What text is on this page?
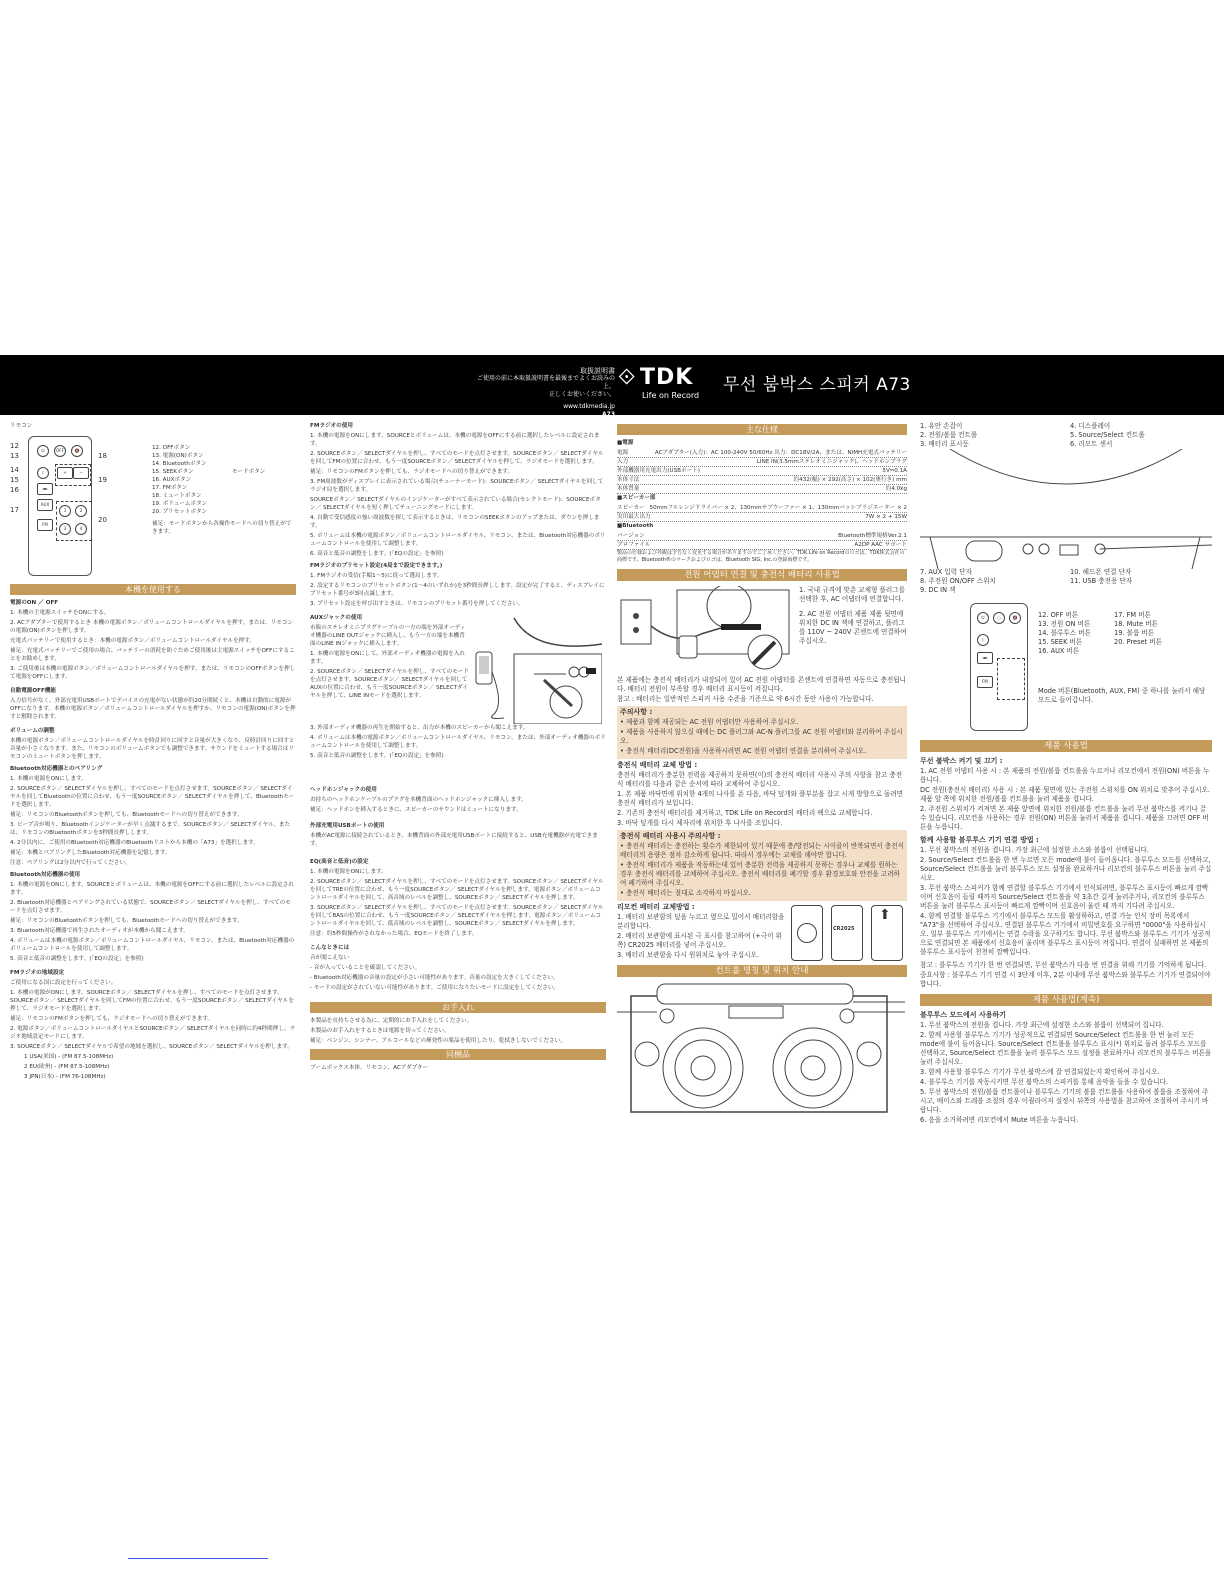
取扱説明書
ご使用の前に本取扱説明書を最後までよくお読みの上、
正しくお使いください。
www.tdkmedia.jp
A73
⟐ TDK
Life on Record
무선 붐박스 스피커 A73
リモコン
⏻	OFF	🔇
ᛒ
◄►
AUX
FM
+	−
1	2
3	4
12
13
14
15
16
17
18
19
20
12. OFFボタン
13. 電源(ON)ボタン
14. Bluetoothボタン
15. SEEKボタン
16. AUXボタン
17. FMボタン
18. ミュートボタン
19. ボリュームボタン
20. プリセットボタン
モードボタン
補足：モードボタンから各操作モードへの切り替えができます。
本機を使用する

電源のON ／ OFF

1. 本機の主電源スイッチをONにする。

2. ACアダプターで使用するとき 本機の電源ボタン／ボリュームコントロールダイヤルを押す。または、リモコンの電源(ON)ボタンを押します。

充電式バッテリーで使用するとき：本機の電源ボタン／ボリュームコントロールダイヤルを押す。

補足：充電式バッテリーでご使用の場合、バッテリーの消耗を防ぐためご使用後は主電源スイッチをOFFにすることをお勧めします。

3. ご使用後は本機の電源ボタン／ボリュームコントロールダイヤルを押す。または、リモコンのOFFボタンを押して電源をOFFにします。

自動電源OFF機能

入力信号がなく、外部充電用USBポートでデバイスの充電がない状態が約20分間続くと、本機は自動的に電源がOFFになります。本機の電源ボタン／ボリュームコントロールダイヤルを押すか、リモコンの電源(ON)ボタンを押すと解除されます。

ボリュームの調整

本機の電源ボタン／ボリュームコントロールダイヤルを時計回りに回すと音量が大きくなり、反時計回りに回すと音量が小さくなります。また、リモコンのボリュームボタンでも調整できます。サウンドをミュートする場合はリモコンのミュートボタンを押します。

Bluetooth対応機器とのペアリング

1. 本機の電源をONにします。

2. SOURCEボタン／ SELECTダイヤルを押し、すべてのモードを点灯させます。SOURCEボタン／ SELECTダイヤルを回してBluetoothの位置に合わせ、もう一度SOURCEボタン／ SELECTダイヤルを押して、Bluetoothモードを選択します。

補足：リモコンのBluetoothボタンを押しても、Bluetoothモードへの切り替えができます。

3. ビープ音が鳴り、Bluetoothインジケーターが早く点滅するまで、SOURCEボタン／ SELECTダイヤル、または、リモコンのBluetoothボタンを3秒間長押しします。

4. 2分以内に、ご使用のBluetooth対応機器のBluetoothリストから本機の「A73」を選択します。

補足：本機とペアリングしたBluetooth対応機器を記憶します。

注意：ペアリングは2分以内で行ってください。

Bluetooth対応機器の使用

1. 本機の電源をONにします。SOURCEとボリュームは、本機の電源をOFFにする前に選択したレベルに設定されます。

2. Bluetooth対応機器とペアリングされている状態で、SOURCEボタン／ SELECTダイヤルを押し、すべてのモードを点灯させます。

補足：リモコンのBluetoothボタンを押しても、Bluetoothモードへの切り替えができます。

3. Bluetooth対応機器で再生されたオーディオが本機から聞こえます。

4. ボリュームは本機の電源ボタン／ボリュームコントロールダイヤル、リモコン、または、Bluetooth対応機器のボリュームコントロールを使用して調整します。

5. 高音と低音の調整をします。(「EQの設定」を参照)

FMラジオの地域設定

ご使用になる国に設定を行ってください。

1. 本機の電源がONにします。SOURCEボタン／ SELECTダイヤルを押し、すべてのモードを点灯させます。SOURCEボタン／ SELECTダイヤルを回してFMの位置に合わせ、もう一度SOURCEボタン／ SELECTダイヤルを押して、ラジオモードを選択します。

補足：リモコンのFMボタンを押しても、ラジオモードへの切り替えができます。

2. 電源ボタン／ボリュームコントロールダイヤルとSOURCEボタン／ SELECTダイヤルを同時に約4秒間押し、ラジオ地域設定モードにします。

3. SOURCEボタン／ SELECTダイヤルで希望の地域を選択し、SOURCEボタン／ SELECTダイヤルを押します。

1 USA(米国) - (FM 87.5-108MHz)

2 EU(欧州) - (FM 87.5-108MHz)

3 JPN(日本) - (FM 76-108MHz)

FMラジオの使用

1. 本機の電源をONにします。SOURCEとボリュームは、本機の電源をOFFにする前に選択したレベルに設定されます。

2. SOURCEボタン／ SELECTダイヤルを押し、すべてのモードを点灯させます。SOURCEボタン／ SELECTダイヤルを回してFMの位置に合わせ、もう一度SOURCEボタン／ SELECTダイヤルを押して、ラジオモードを選択します。

補足：リモコンのFMボタンを押しても、ラジオモードへの切り替えができます。

3. FM周波数がディスプレイに表示されている場合(チューナーモード)：SOURCEボタン／ SELECTダイヤルを回してラジオ局を選択します。

SOURCEボタン／ SELECTダイヤルのインジケーターがすべて表示されている場合(セレクトモード)：SOURCEボタン／ SELECTダイヤルを短く押してチューニングモードにします。

4. 自動で受信感度の強い周波数を探して表示するときは、リモコンのSEEKボタンのアップまたは、ダウンを押します。

5. ボリュームは本機の電源ボタン／ボリュームコントロールダイヤル、リモコン、または、Bluetooth対応機器のボリュームコントロールを使用して調整します。

6. 高音と低音の調整をします。(「EQの設定」を参照)

FMラジオのプリセット設定(4局まで設定できます。)

1. FMラジオの受信(手順1～5)に従って選局します。

2. 設定するリモコンのプリセットボタン(1～4のいずれか)を3秒間長押しします。設定が完了すると、ディスプレイにプリセット番号が3回点滅します。

3. プリセット設定を呼び出すときは、リモコンのプリセット番号を押してください。

AUXジャックの使用

市販のステレオミニプラグケーブルの一方の端を外部オーディオ機器のLINE OUTジャックに挿入し、もう一方の端を本機背面のLINE INジャックに挿入します。

1. 本機の電源をONにして、外部オーディオ機器の電源を入れます。

2. SOURCEボタン／ SELECTダイヤルを押し、すべてのモードを点灯させます。SOURCEボタン／ SELECTダイヤルを回してAUXの位置に合わせ、もう一度SOURCEボタン／ SELECTダイヤルを押して、LINE INモードを選択します。

3. 外部オーディオ機器の再生を開始すると、出力が本機のスピーカーから聞こえます。

4. ボリュームは本機の電源ボタン／ボリュームコントロールダイヤル、リモコン、または、外部オーディオ機器のボリュームコントロールを使用して調整します。

5. 高音と低音の調整をします。(「EQの設定」を参照)

ヘッドホンジャックの使用

お持ちのヘッドホンケーブルのプラグを本機背面のヘッドホンジャックに挿入します。

補足：ヘッドホンを挿入するときに、スピーカーのサウンドはミュートになります。

外部充電用USBポートの使用

本機がAC電源に接続されているとき、本機背面の外部充電用USBポートに接続すると、USB充電機器が充電できます。

EQ(高音と低音)の設定

1. 本機の電源をONにします。

2. SOURCEボタン／ SELECTダイヤルを押し、すべてのモードを点灯させます。SOURCEボタン／ SELECTダイヤルを回してTREの位置に合わせ、もう一度SOURCEボタン／ SELECTダイヤルを押します。電源ボタン／ボリュームコントロールダイヤルを回して、高音域のレベルを調整し、SOURCEボタン／ SELECTダイヤルを押します。

3. SOURCEボタン／ SELECTダイヤルを押し、すべてのモードを点灯させます。SOURCEボタン／ SELECTダイヤルを回してBASの位置に合わせ、もう一度SOURCEボタン／ SELECTダイヤルを押します。電源ボタン／ボリュームコントロールダイヤルを回して、低音域のレベルを調整し、SOURCEボタン／ SELECTダイヤルを押します。

注意：約5秒間操作がされなかった場合、EQモードを終了します。

こんなときには

音が聞こえない

- 音が入っていることを確認してください。

- Bluetooth対応機器の音量の設定が小さい可能性があります。音量の設定を大きくしてください。

- モードの設定がされていない可能性があります。ご使用になりたいモードに設定をしてください。

お手入れ

本製品を長持ちさせる為に、定期的にお手入れをしてください。

本製品のお手入れをするときは電源を切ってください。

補足：ベンジン、シンナー、アルコールなどの揮発性の薬品を使用したり、乾拭きしないでください。

同梱品

ブームボックス本体、リモコン、ACアダプター

主な仕様

■電源

電源	ACアダプター(入力)：AC 100-240V 50/60Hz 出力：DC18V/2A、または、NiMH充電式バッテリー
入力	LINE IN(3.5mmステレオミニジャック)、ヘッドホンプラグ
外部機器用充電出力(USBポート)	5V⎓0.1A
本体寸法	約432(幅) × 292(高さ) × 102(奥行き) mm
本体質量	約4.0kg

■スピーカー部

スピーカー 50mmフルレンジドライバー × 2、130mmサブウーファー × 1、130mmパッシブラジエーター × 2
実用最大出力	7W × 2 + 15W

■Bluetooth

バージョン	Bluetooth標準規格Ver.2.1
プロファイル	A2DP AAC サポート

製品の仕様および外観は予告なく変更する場合がありますのでご了承ください。TDK Life on Recordのロゴは、TDK株式会社の商標です。Bluetooth®のマークおよびロゴは、Bluetooth SIG, Inc.の登録商標です。

전원 어댑터 연결 및 충전식 배터리 사용법

1. 국내 규격에 맞춘 교체형 플러그를 선택한 후, AC 어댑터에 연결합니다.

2. AC 전원 어댑터 제품 제품 뒷면에 위치한 DC IN 잭에 연결하고, 플러그를 110V ~ 240V 콘센트에 연결하여 주십시오.

본 제품에는 충전식 배터리가 내장되어 있어 AC 전원 어댑터를 콘센트에 연결하면 자동으로 충전됩니다. 배터리 전원이 부족할 경우 배터리 표시등이 켜집니다.

참고 : 배터리는 일반적인 스피커 사용 수준을 기준으로 약 6시간 동안 사용이 가능합니다.

주의사항 :

• 제품과 함께 제공되는 AC 전원 어댑터만 사용하여 주십시오.

• 제품을 사용하지 않으실 때에는 DC 플러그와 AC-N 플러그를 AC 전원 어댑터와 분리하여 주십시오.

• 충전식 배터리(DC전원)을 사용하시려면 AC 전원 어댑터 연결을 분리하여 주십시오.

충전식 배터리 교체 방법 :

충전식 배터리가 충분한 전력을 제공하지 못하면(이)의 충전식 배터리 사용시 주의 사항을 참고 충전식 배터리를 다음과 같은 순서에 따라 교체하여 주십시오.

1. 본 제품 바닥면에 위치한 4개의 나사를 푼 다음, 바닥 덮개와 플부분을 잡고 시게 방향으로 돌려면 충전식 배터리가 보입니다.

2. 기존의 충전식 배터리를 제거하고, TDK Life on Record의 배터리 팩으로 교체합니다.

3. 바닥 덮개를 다시 제자리에 위치한 후 나사를 조입니다.

충전식 배터리 사용시 주의사항 :

• 충전식 배터리는 충전하는 횟수가 제한되어 있기 때문에 충/방전되는 시이클이 반복되면서 충전식 배터리의 용량은 점차 감소하게 됩니다. 따라서 경우에는 교체를 해야만 합니다.

• 충전식 배터리가 제품을 작동하는데 있어 충분한 전력을 제공하지 못하는 경우나 교체를 원하는 경우 충전식 배터리를 교체하여 주십시오. 충전식 배터리를 폐기할 경우 환경보호와 안전을 고려하여 폐기하여 주십시오.

• 충전식 배터리는 절대로 소각하지 마십시오.

리모컨 배터리 교체방법 :

1. 배터리 보관함의 덮을 누르고 옆으로 밀어서 배터리함을 분리합니다.

2. 배터리 보관함에 표시된 극 표시를 참고하여 (+극이 위쪽) CR2025 배터리를 넣어 주십시오.

3. 배터리 보관함을 다시 원위치로 놓아 주십시오.

CR2025
⬆
컨트롤 명칭 및 위치 안내
1. 유안 손잡이
2. 전원/볼륨 컨트롤
3. 배터리 표시등
4. 디스플레이
5. Source/Select 컨트롤
6. 리모트 센서
7. AUX 입력 단자
8. 주전원 ON/OFF 스위치
9. DC IN 잭
10. 헤드폰 연결 단자
11. USB 충전용 단자
⏻	○	🔇
ᛒ
◄►
FM
12. OFF 버튼
13. 전원 ON 버튼
14. 블루투스 버튼
15. SEEK 버튼
16. AUX 버튼
17. FM 버튼
18. Mute 버튼
19. 볼륨 버튼
20. Preset 버튼
Mode 버튼(Bluetooth, AUX, FM) 중 하나를 눌러서 해당 모드로 들어갑니다.
제품 사용법

무선 붐박스 켜기 및 끄기 :

1. AC 전원 어댑터 사용 시 : 본 제품의 전원/볼륨 컨트롤을 누르거나 리모컨에서 전원(ON) 버튼을 누릅니다.

DC 전원(충전식 배터리) 사용 시 : 본 제품 뒷면에 있는 주전원 스위치를 ON 위치로 맞추어 주십시오. 제품 앞 쪽에 위치한 전원/볼륨 컨트롤을 눌러 제품을 켭니다.

2. 주전원 스위치가 켜져면 본 제품 앞면에 위치한 전원/볼륨 컨트롤을 눌러 무선 붐박스를 켜기나 끌 수 있습니다. 리모컨을 사용하는 경우 전원(ON) 버튼을 눌러서 제품을 켭니다. 제품을 끄려면 OFF 버튼을 누릅니다.

함께 사용할 블루투스 기기 연결 방법 :

1. 무선 붐박스의 전원을 켭니다. 가장 최근에 설정한 소스와 볼륨이 선택됩니다.

2. Source/Select 컨트롤을 한 번 누르면 모든 mode에 불이 들어옵니다. 블루투스 모드를 선택하고, Source/Select 컨트롤을 눌러 블루투스 모드 설정을 완료하거나 리모컨의 블루투스 버튼을 눌러 주십시오.

3. 무선 붐박스 스피커가 함께 연결할 블루투스 기기에서 인식되려면, 블루투스 표시등이 빠르게 깜빡이며 신호음이 들릴 때까지 Source/Select 컨트롤을 약 3초간 길게 눌러주거나, 리모컨의 블루투스 버튼을 눌러 블루투스 표시등이 빠르게 깜빡이며 신호음이 울린 때 까지 기다려 주십시오.

4. 함께 연결할 블루투스 기기에서 블루투스 모드를 활성하하고, 연결 가능 인식 장비 목록에서 "A73"을 선택하여 주십시오. 연결된 블루투스 기기에서 비밀번호를 요구하면 "0000"을 사용하십시오. 일부 블루투스 기기에서는 연결 수락을 요구하기도 합니다. 무선 붐박스와 블루투스 기기가 성공적으로 연결되면 본 제품에서 신호음이 울리며 블루투스 표시등이 켜집니다. 연결이 실패하면 본 제품의 블루투스 표시등이 천천히 깜빡입니다.

참고 : 블루투스 기기가 한 번 연결되면, 무선 붐박스가 다음 번 연결을 위해 기기를 기억하게 됩니다.

중요사항 : 블루투스 기기 연결 시 3단계 이후, 2분 이내에 무선 붐박스와 블루투스 기기가 연결되어야 합니다.

제품 사용법(계속)

블루투스 모드에서 사용하기

1. 무선 붐박스의 전원을 켭니다. 가장 최근에 설정한 소스와 볼륨이 선택되어 집니다.

2. 함께 사용할 블루투스 기기가 성공적으로 연결되면 Source/Select 컨트롤을 한 번 눌러 모든 mode에 불이 들어옵니다. Source/Select 컨트롤을 블루투스 표시(*) 위치로 돌려 블루투스 모드를 선택하고, Source/Select 컨트롤을 눌러 블루투스 모드 설정을 완료하거나 리모컨의 블루투스 버튼을 눌러 주십시오.

3. 함께 사용할 블루투스 기기가 무선 붐박스에 잘 연결되었는지 확인하여 주십시오.

4. 블루투스 기기를 작동시키면 무선 붐박스의 스피커를 통해 음악을 들을 수 있습니다.

5. 무선 붐박스의 전원/볼륨 컨트롤이나 블루투스 기기의 볼륨 컨트롤을 사용하여 볼륨을 조절하여 주시고, 베이스와 트레블 조절의 경우 이퀄라이저 설정시 뒤쪽의 사용법을 참고하여 조절하여 주시기 바랍니다.

6. 음을 소거하려면 리모컨에서 Mute 버튼을 누릅니다.
